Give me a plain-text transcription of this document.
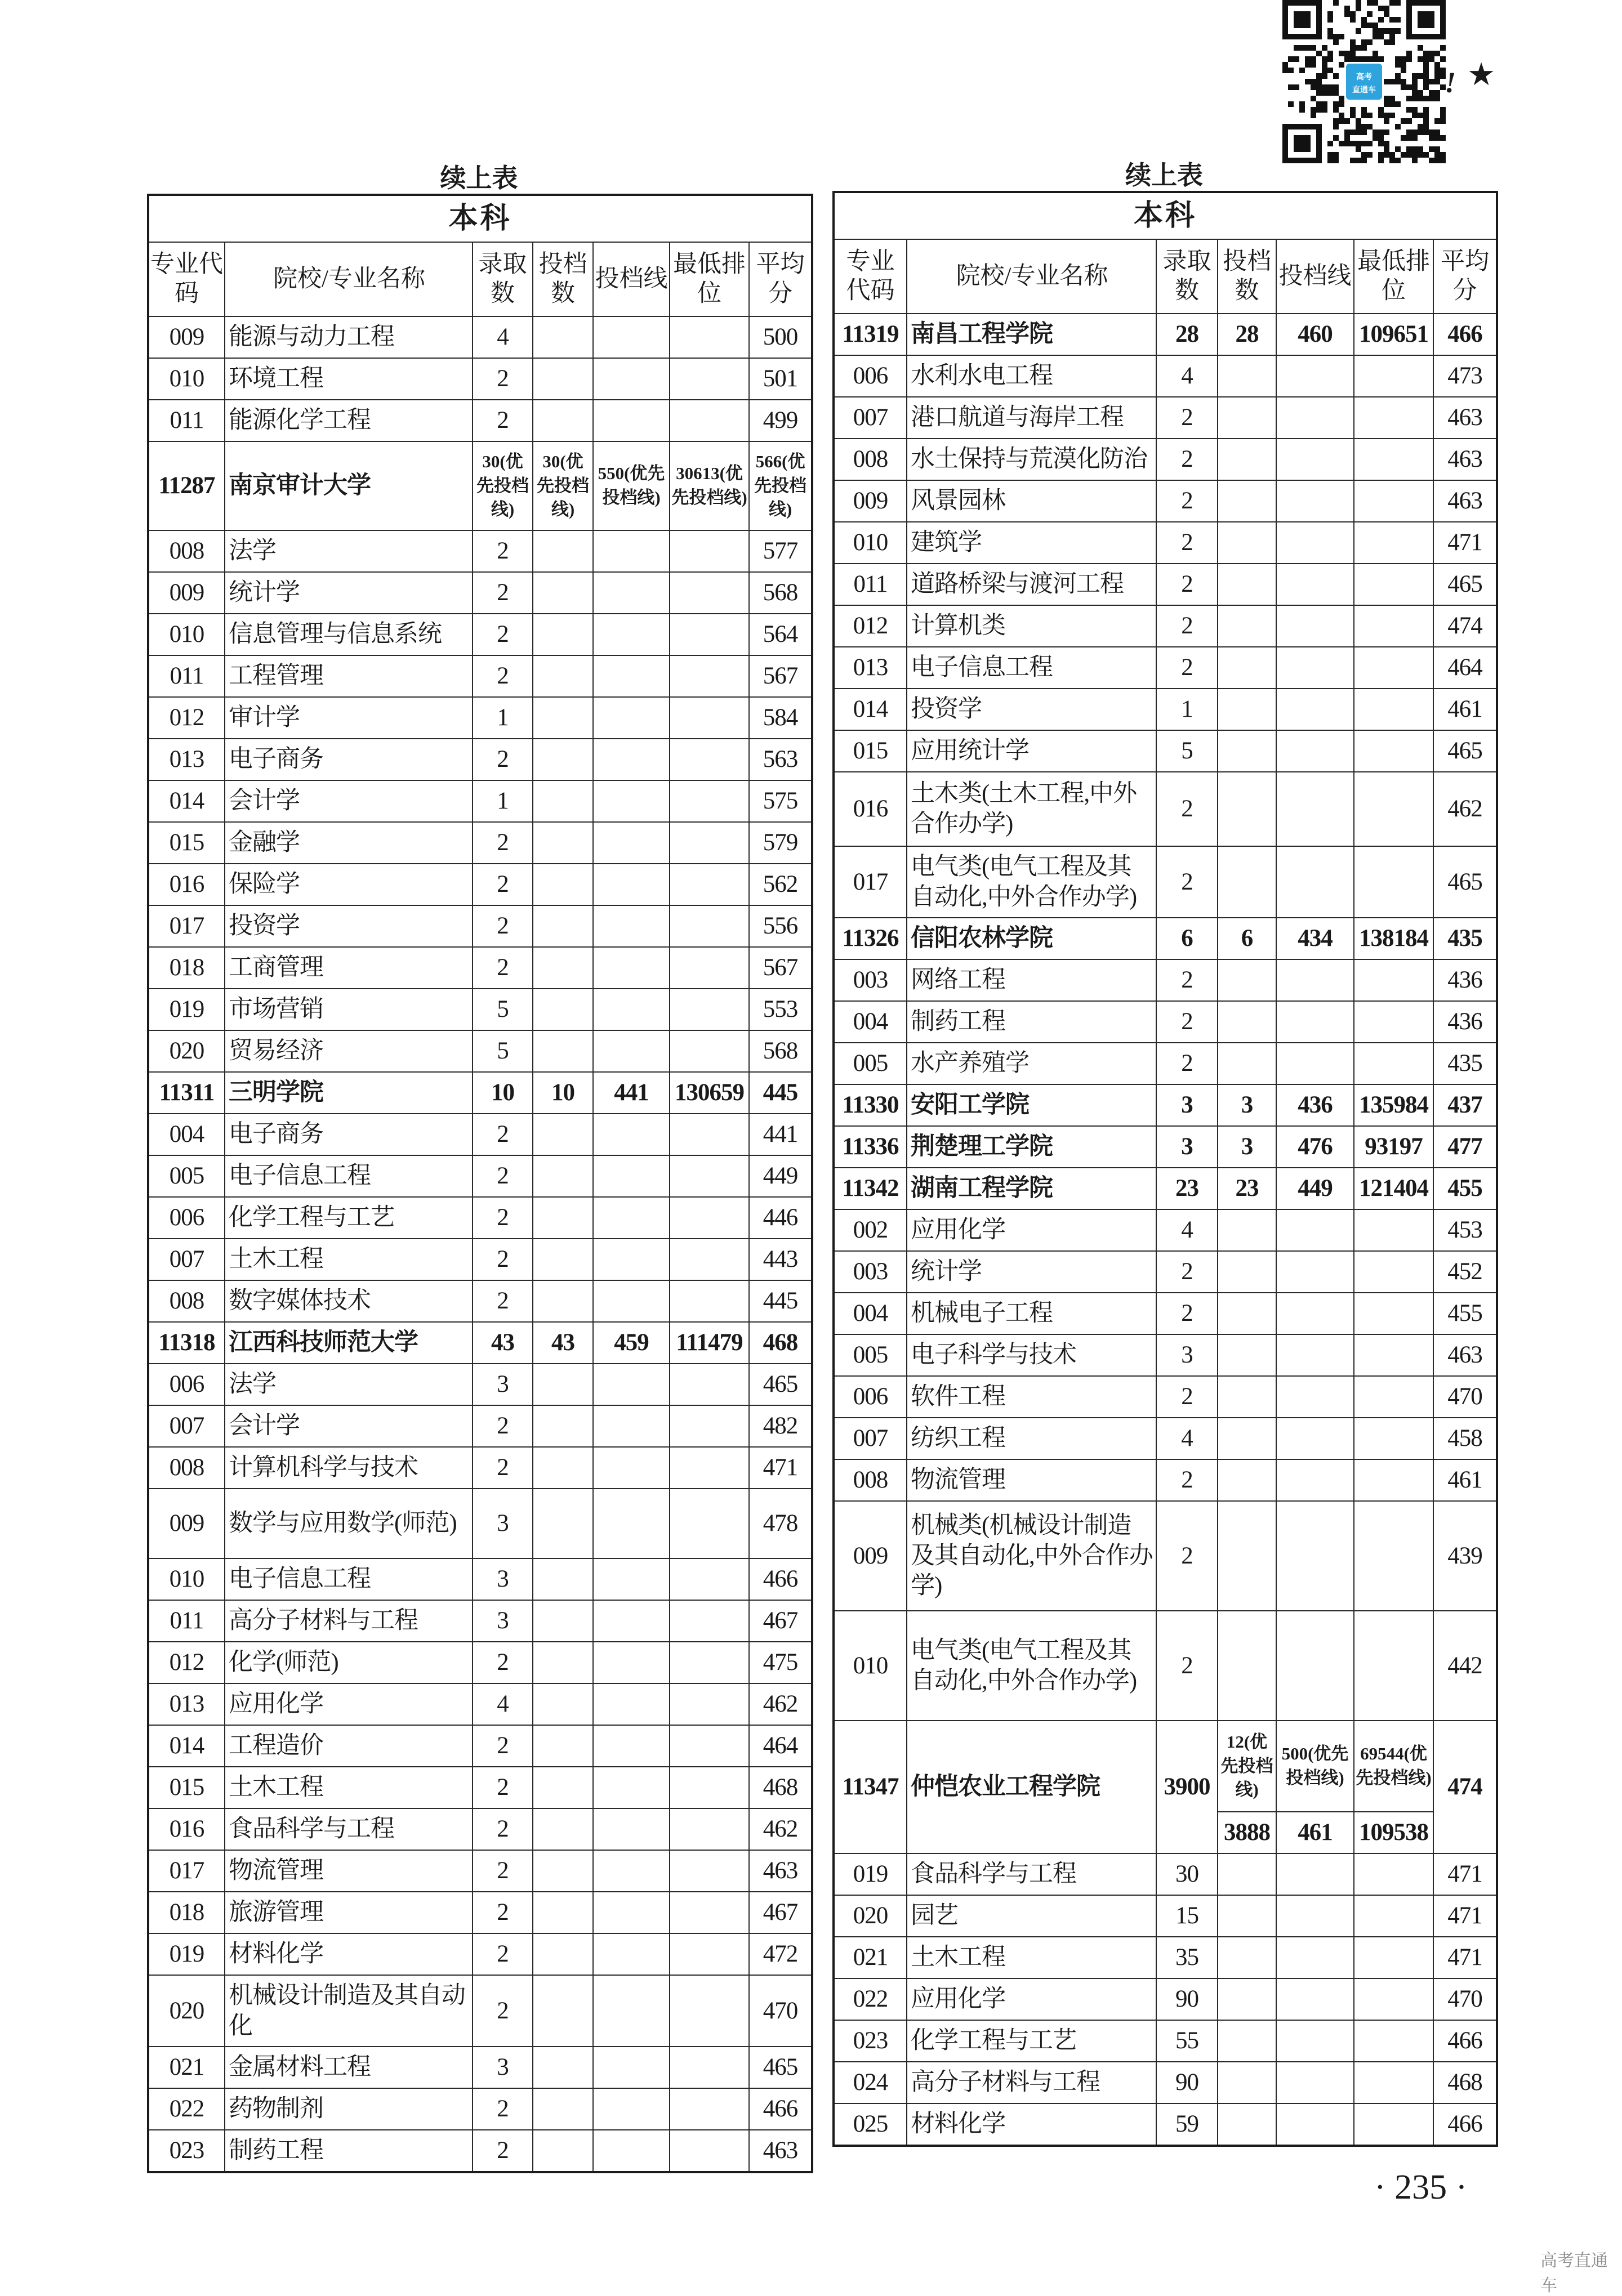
高考
直通车 ! ★
续上表
本科						
专业代码	院校/专业名称	录取数	投档数	投档线	最低排位	平均分
009	能源与动力工程	4				500
010	环境工程	2				501
011	能源化学工程	2				499
11287	南京审计大学	30(优先投档线)	30(优先投档线)	550(优先投档线)	30613(优先投档线)	566(优先投档线)
008	法学	2				577
009	统计学	2				568
010	信息管理与信息系统	2				564
011	工程管理	2				567
012	审计学	1				584
013	电子商务	2				563
014	会计学	1				575
015	金融学	2				579
016	保险学	2				562
017	投资学	2				556
018	工商管理	2				567
019	市场营销	5				553
020	贸易经济	5				568
11311	三明学院	10	10	441	130659	445
004	电子商务	2				441
005	电子信息工程	2				449
006	化学工程与工艺	2				446
007	土木工程	2				443
008	数字媒体技术	2				445
11318	江西科技师范大学	43	43	459	111479	468
006	法学	3				465
007	会计学	2				482
008	计算机科学与技术	2				471
009	数学与应用数学(师范)	3				478
010	电子信息工程	3				466
011	高分子材料与工程	3				467
012	化学(师范)	2				475
013	应用化学	4				462
014	工程造价	2				464
015	土木工程	2				468
016	食品科学与工程	2				462
017	物流管理	2				463
018	旅游管理	2				467
019	材料化学	2				472
020	机械设计制造及其自动化	2				470
021	金属材料工程	3				465
022	药物制剂	2				466
023	制药工程	2				463
续上表
本科						
专业代码	院校/专业名称	录取数	投档数	投档线	最低排位	平均分
11319	南昌工程学院	28	28	460	109651	466
006	水利水电工程	4				473
007	港口航道与海岸工程	2				463
008	水土保持与荒漠化防治	2				463
009	风景园林	2				463
010	建筑学	2				471
011	道路桥梁与渡河工程	2				465
012	计算机类	2				474
013	电子信息工程	2				464
014	投资学	1				461
015	应用统计学	5				465
016	土木类(土木工程,中外合作办学)	2				462
017	电气类(电气工程及其自动化,中外合作办学)	2				465
11326	信阳农林学院	6	6	434	138184	435
003	网络工程	2				436
004	制药工程	2				436
005	水产养殖学	2				435
11330	安阳工学院	3	3	436	135984	437
11336	荆楚理工学院	3	3	476	93197	477
11342	湖南工程学院	23	23	449	121404	455
002	应用化学	4				453
003	统计学	2				452
004	机械电子工程	2				455
005	电子科学与技术	3				463
006	软件工程	2				470
007	纺织工程	4				458
008	物流管理	2				461
009	机械类(机械设计制造及其自动化,中外合作办学)	2				439
010	电气类(电气工程及其自动化,中外合作办学)	2				442
11347	仲恺农业工程学院	3900	12(优先投档线)	500(优先投档线)	69544(优先投档线)	474
			3888	461	109538	
019	食品科学与工程	30				471
020	园艺	15				471
021	土木工程	35				471
022	应用化学	90				470
023	化学工程与工艺	55				466
024	高分子材料与工程	90				468
025	材料化学	59				466
· 235 ·
高考直通车
